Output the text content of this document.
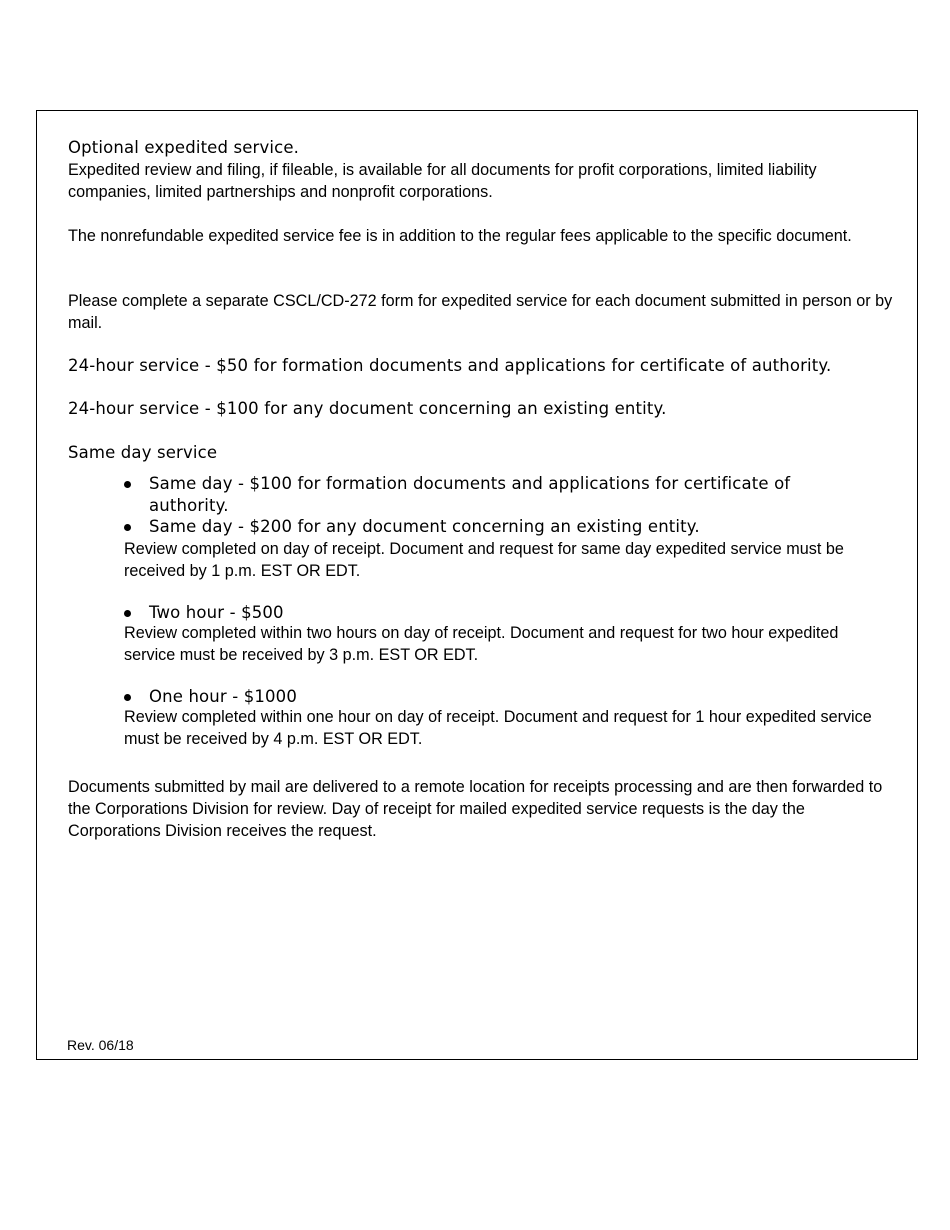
Optional expedited service.

Expedited review and filing, if fileable, is available for all documents for profit corporations, limited liability companies, limited partnerships and nonprofit corporations.

The nonrefundable expedited service fee is in addition to the regular fees applicable to the specific document.

Please complete a separate CSCL/CD-272 form for expedited service for each document submitted in person or by mail.

24-hour service - $50 for formation documents and applications for certificate of authority.

24-hour service - $100 for any document concerning an existing entity.

Same day service

Same day - $100 for formation documents and applications for certificate of authority.
Same day - $200 for any document concerning an existing entity.

Review completed on day of receipt. Document and request for same day expedited service must be received by 1 p.m. EST OR EDT.

Two hour - $500

Review completed within two hours on day of receipt. Document and request for two hour expedited service must be received by 3 p.m. EST OR EDT.

One hour - $1000

Review completed within one hour on day of receipt. Document and request for 1 hour expedited service must be received by 4 p.m. EST OR EDT.

Documents submitted by mail are delivered to a remote location for receipts processing and are then forwarded to the Corporations Division for review. Day of receipt for mailed expedited service requests is the day the Corporations Division receives the request.

Rev. 06/18
